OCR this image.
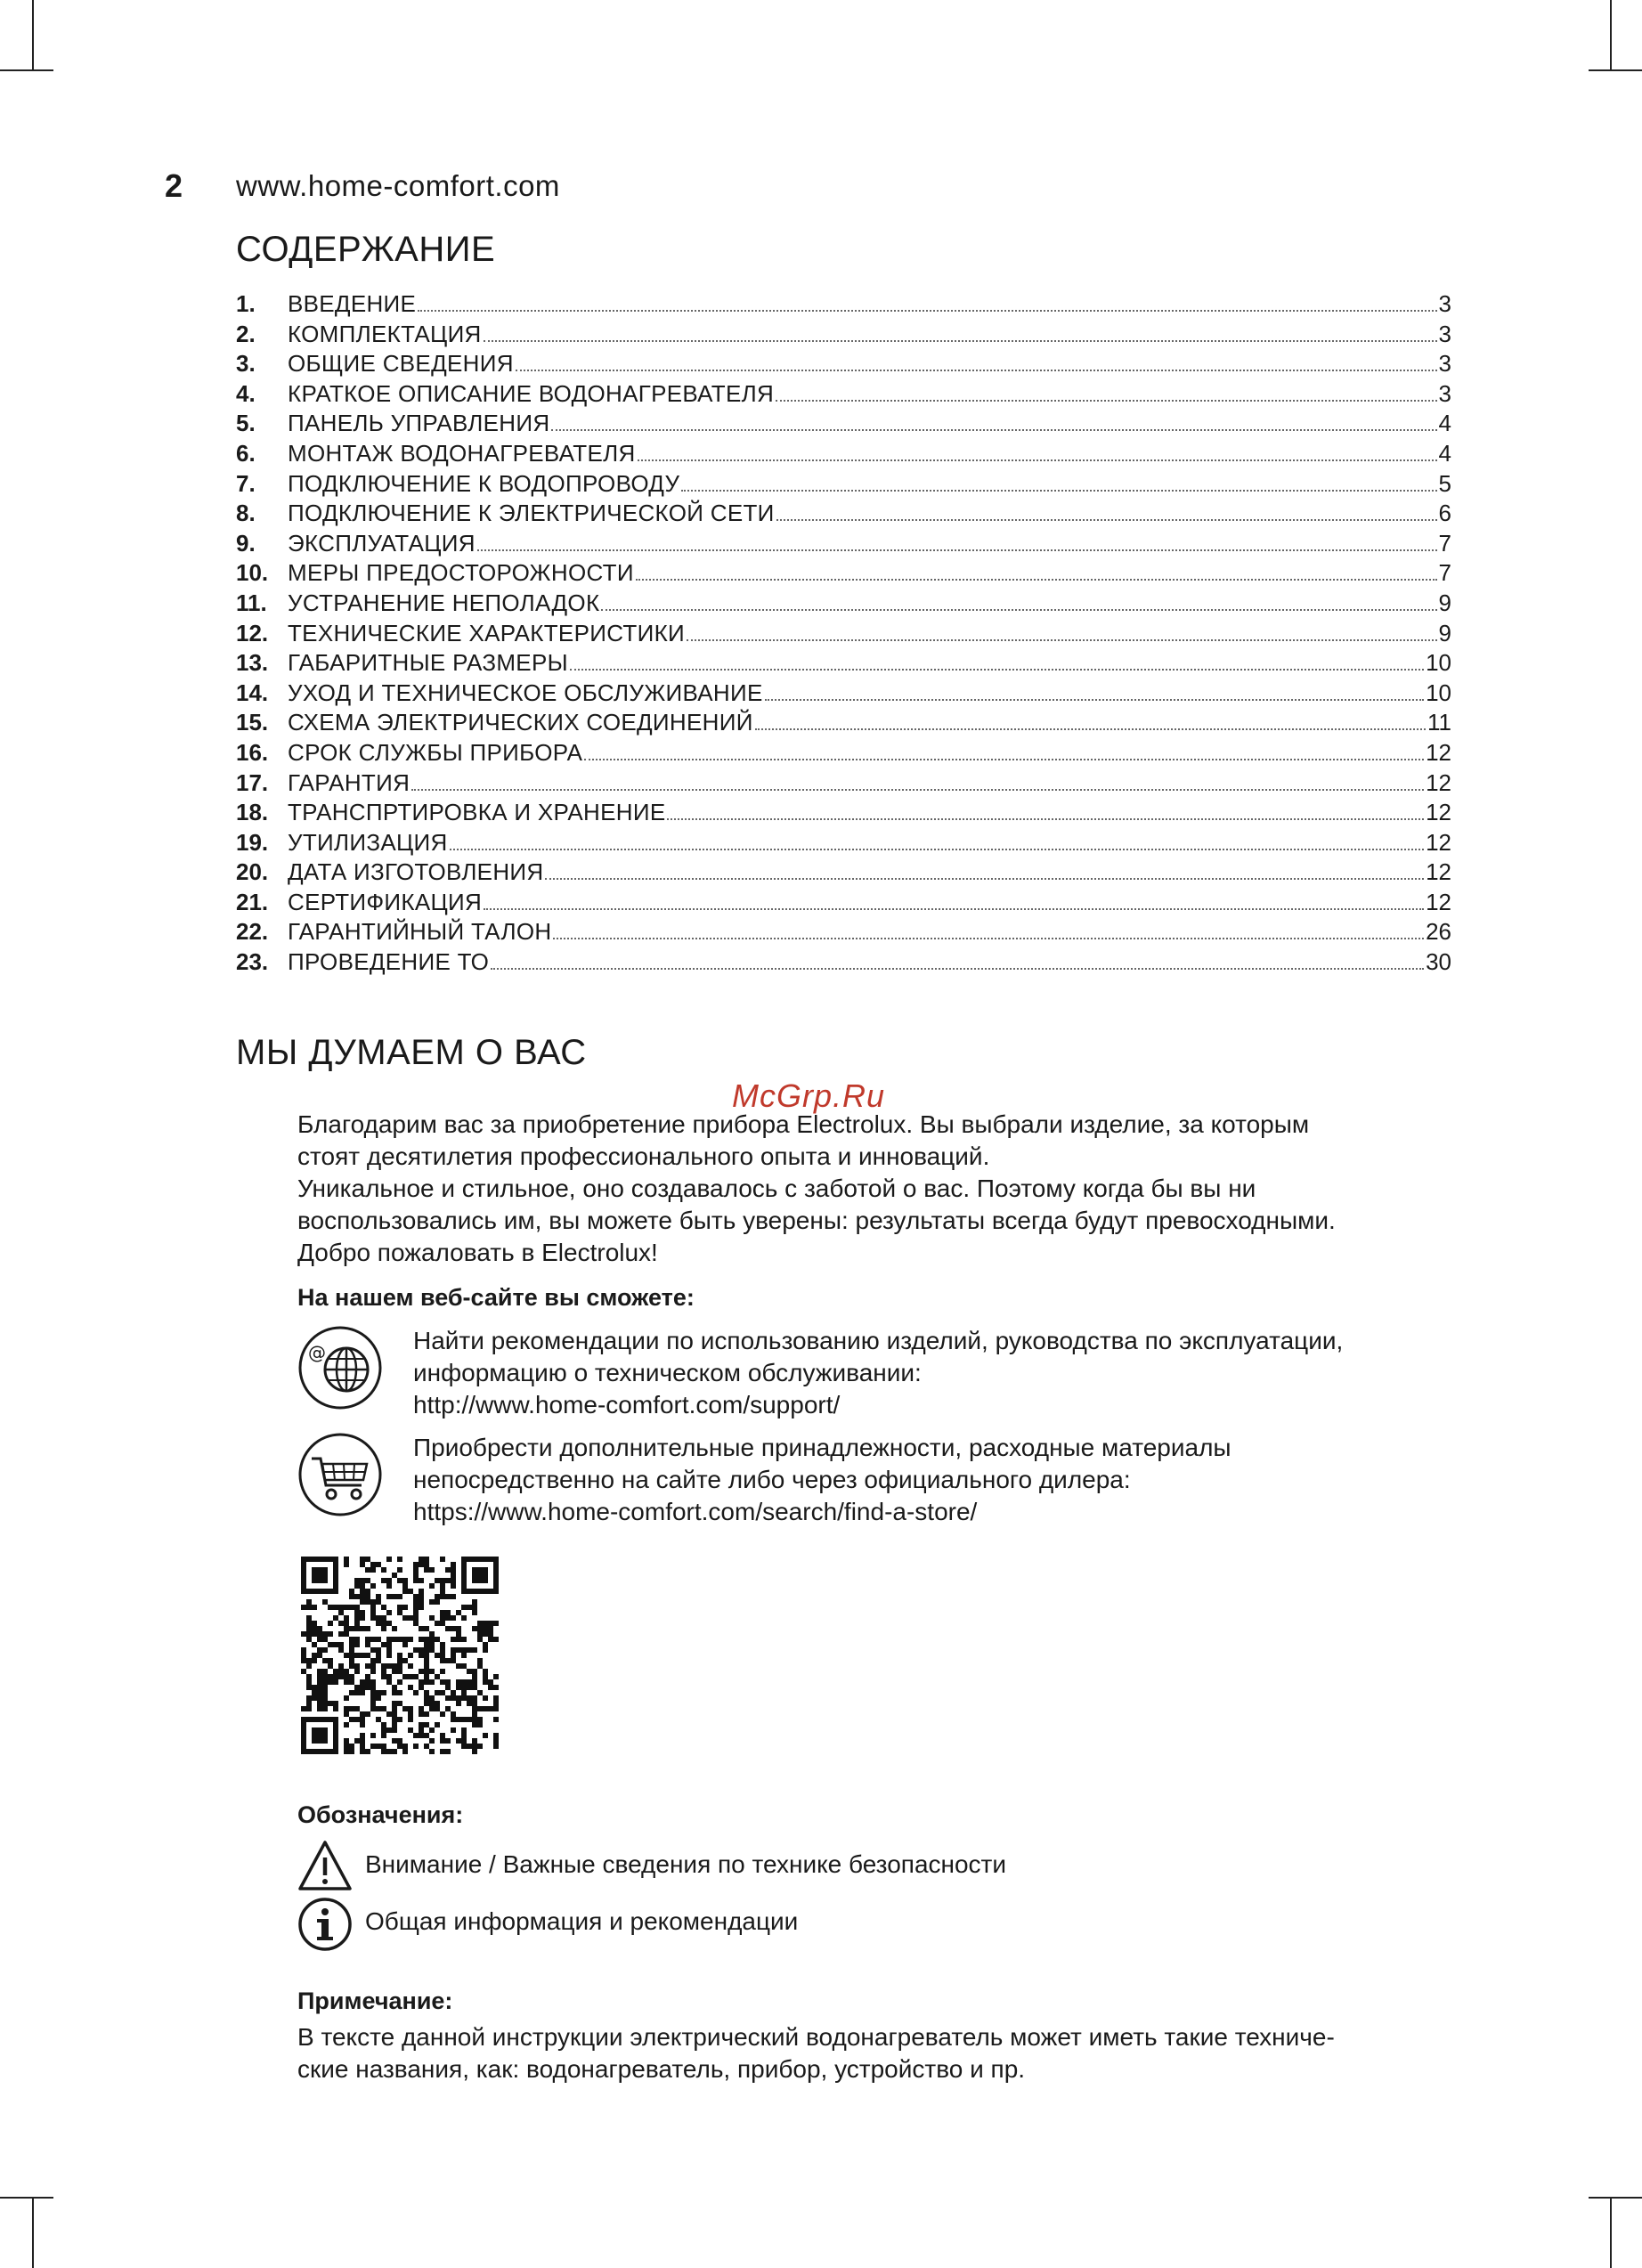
2 www.home-comfort.com
СОДЕРЖАНИЕ
1.	ВВЕДЕНИЕ	3
2.	КОМПЛЕКТАЦИЯ	3
3.	ОБЩИЕ СВЕДЕНИЯ	3
4.	КРАТКОЕ ОПИСАНИЕ ВОДОНАГРЕВАТЕЛЯ	3
5.	ПАНЕЛЬ УПРАВЛЕНИЯ	4
6.	МОНТАЖ ВОДОНАГРЕВАТЕЛЯ	4
7.	ПОДКЛЮЧЕНИЕ К ВОДОПРОВОДУ	5
8.	ПОДКЛЮЧЕНИЕ К ЭЛЕКТРИЧЕСКОЙ СЕТИ	6
9.	ЭКСПЛУАТАЦИЯ	7
10. МЕРЫ ПРЕДОСТОРОЖНОСТИ	7
11. УСТРАНЕНИЕ НЕПОЛАДОК	9
12. ТЕХНИЧЕСКИЕ ХАРАКТЕРИСТИКИ	9
13. ГАБАРИТНЫЕ РАЗМЕРЫ	10
14. УХОД И ТЕХНИЧЕСКОЕ ОБСЛУЖИВАНИЕ	10
15. СХЕМА ЭЛЕКТРИЧЕСКИХ СОЕДИНЕНИЙ	11
16. СРОК СЛУЖБЫ ПРИБОРА	12
17. ГАРАНТИЯ	12
18. ТРАНСПРТИРОВКА И ХРАНЕНИЕ	12
19. УТИЛИЗАЦИЯ	12
20. ДАТА ИЗГОТОВЛЕНИЯ	12
21. СЕРТИФИКАЦИЯ	12
22. ГАРАНТИЙНЫЙ ТАЛОН	26
23. ПРОВЕДЕНИЕ ТО	30
МЫ ДУМАЕМ О ВАС
Благодарим вас за приобретение прибора Electrolux. Вы выбрали изделие, за которым
стоят десятилетия профессионального опыта и инноваций.
Уникальное и стильное, оно создавалось с заботой о вас. Поэтому когда бы вы ни
воспользовались им, вы можете быть уверены: результаты всегда будут превосходными.
Добро пожаловать в Electrolux!
McGrp.Ru
На нашем веб-сайте вы сможете:
@	Найти рекомендации по использованию изделий, руководства по эксплуатации,
информацию о техническом обслуживании:
http://www.home-comfort.com/support/
Приобрести дополнительные принадлежности, расходные материалы
непосредственно на сайте либо через официального дилера:
https://www.home-comfort.com/search/find-a-store/
Обозначения:
Внимание / Важные сведения по технике безопасности
Общая информация и рекомендации
Примечание:
В тексте данной инструкции электрический водонагреватель может иметь такие техниче-
ские названия, как: водонагреватель, прибор, устройство и пр.
